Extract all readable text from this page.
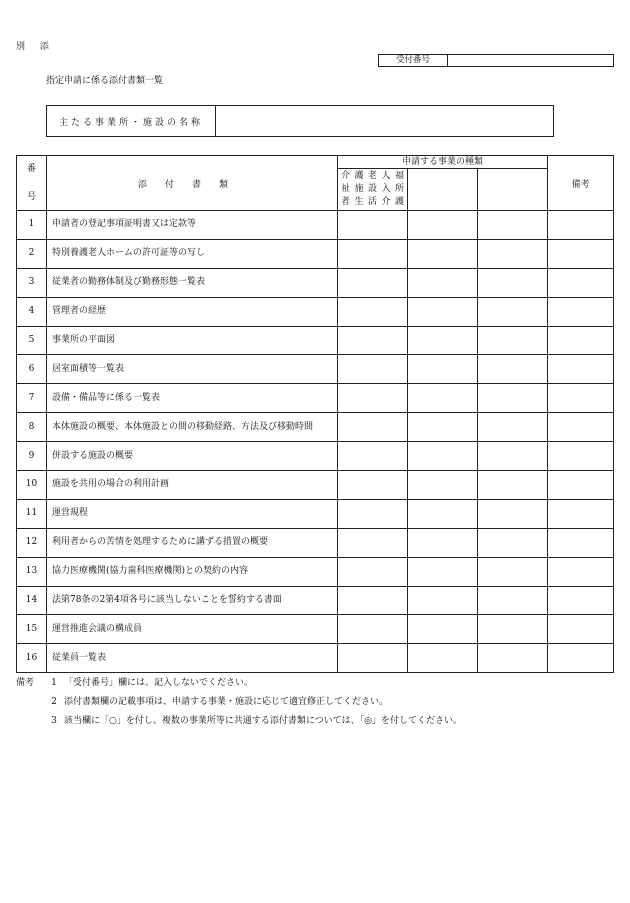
別 添
受付番号
指定申請に係る添付書類一覧
主たる事業所・施設の名称
番

号	添付書類	申請する事業の種類			備考
		介護老人福
祉施設入所
者生活介護			

1	申請者の登記事項証明書又は定款等				

2	特別養護老人ホームの許可証等の写し				

3	従業者の勤務体制及び勤務形態一覧表				

4	管理者の経歴				

5	事業所の平面図				

6	居室面積等一覧表				

7	設備・備品等に係る一覧表				

8	本体施設の概要、本体施設との間の移動経路、方法及び移動時間				

9	併設する施設の概要				

10	施設を共用の場合の利用計画				

11	運営規程				

12	利用者からの苦情を処理するために講ずる措置の概要				

13	協力医療機関(協力歯科医療機関)との契約の内容				

14	法第78条の2第4項各号に該当しないことを誓約する書面				

15	運営推進会議の構成員				

16	従業員一覧表				

備考	1 「受付番号」欄には、記入しないでください。
2 添付書類欄の記載事項は、申請する事業・施設に応じて適宜修正してください。
3 該当欄に「○」を付し、複数の事業所等に共通する添付書類については、「◎」を付してください。
